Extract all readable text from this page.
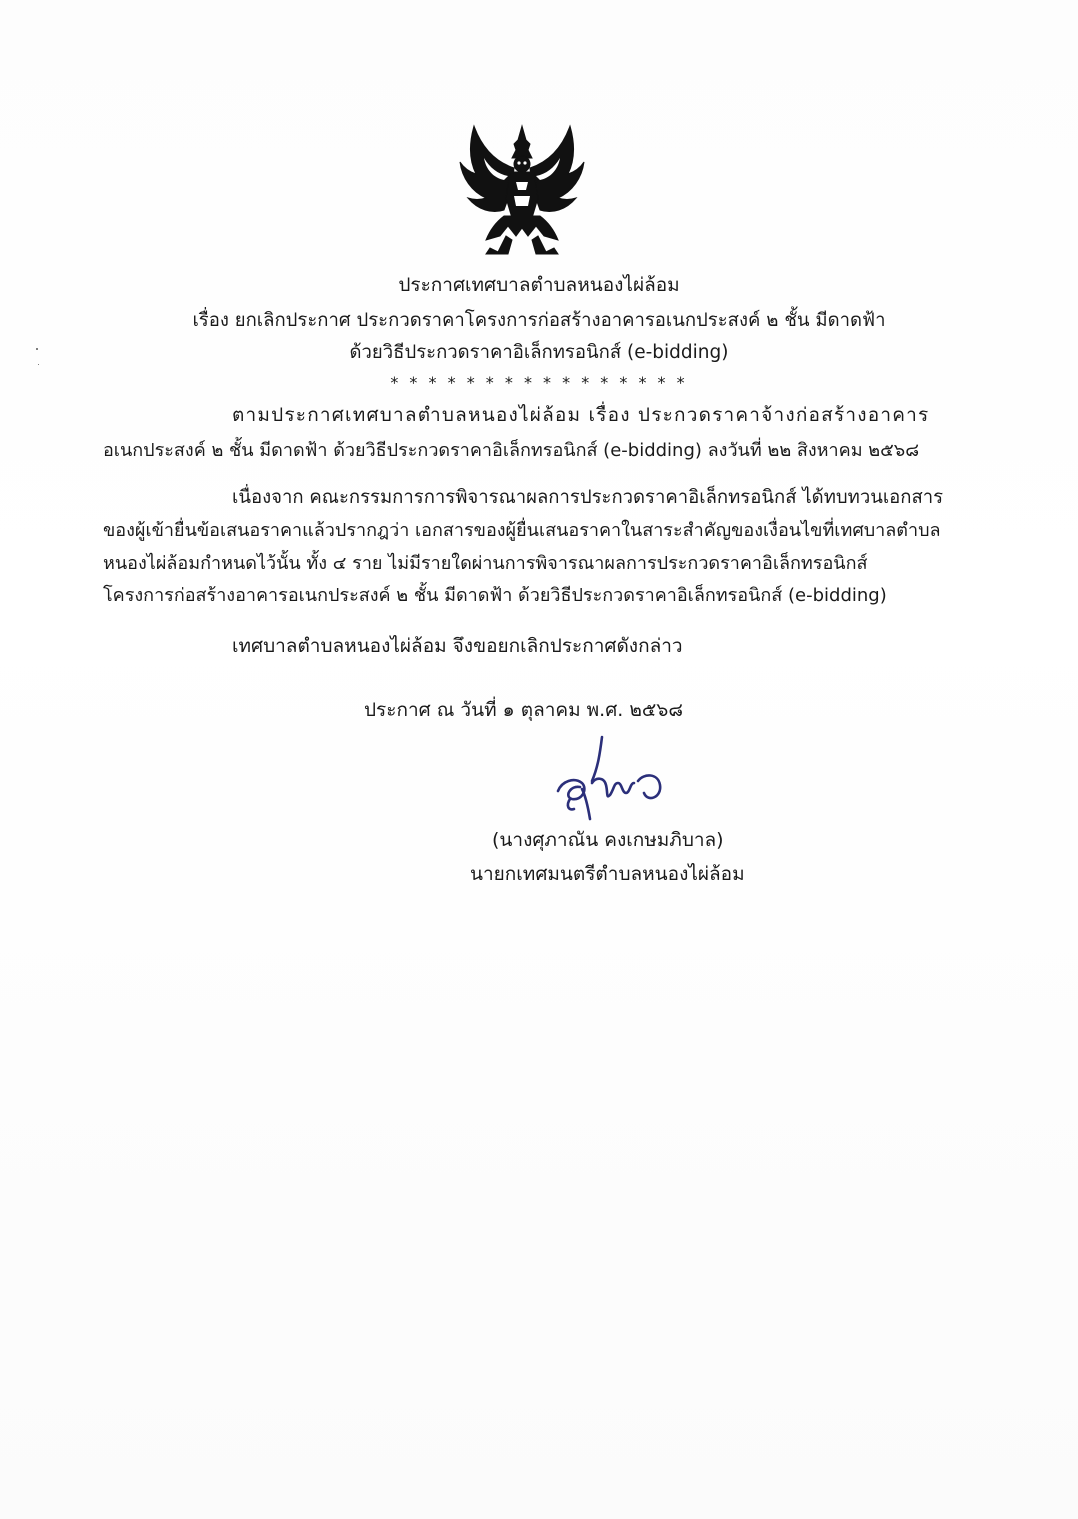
ประกาศเทศบาลตำบลหนองไผ่ล้อม
เรื่อง ยกเลิกประกาศ ประกวดราคาโครงการก่อสร้างอาคารอเนกประสงค์ ๒ ชั้น มีดาดฟ้า
ด้วยวิธีประกวดราคาอิเล็กทรอนิกส์ (e-bidding)
* * * * * * * * * * * * * * * *
ตามประกาศเทศบาลตำบลหนองไผ่ล้อม เรื่อง ประกวดราคาจ้างก่อสร้างอาคาร
อเนกประสงค์ ๒ ชั้น มีดาดฟ้า ด้วยวิธีประกวดราคาอิเล็กทรอนิกส์ (e-bidding) ลงวันที่ ๒๒ สิงหาคม ๒๕๖๘
เนื่องจาก คณะกรรมการการพิจารณาผลการประกวดราคาอิเล็กทรอนิกส์ ได้ทบทวนเอกสาร
ของผู้เข้ายื่นข้อเสนอราคาแล้วปรากฎว่า เอกสารของผู้ยื่นเสนอราคาในสาระสำคัญของเงื่อนไขที่เทศบาลตำบล
หนองไผ่ล้อมกำหนดไว้นั้น ทั้ง ๔ ราย ไม่มีรายใดผ่านการพิจารณาผลการประกวดราคาอิเล็กทรอนิกส์
โครงการก่อสร้างอาคารอเนกประสงค์ ๒ ชั้น มีดาดฟ้า ด้วยวิธีประกวดราคาอิเล็กทรอนิกส์ (e-bidding)
เทศบาลตำบลหนองไผ่ล้อม จึงขอยกเลิกประกาศดังกล่าว
ประกาศ ณ วันที่ ๑ ตุลาคม พ.ศ. ๒๕๖๘
(นางศุภาณัน คงเกษมภิบาล)
นายกเทศมนตรีตำบลหนองไผ่ล้อม
